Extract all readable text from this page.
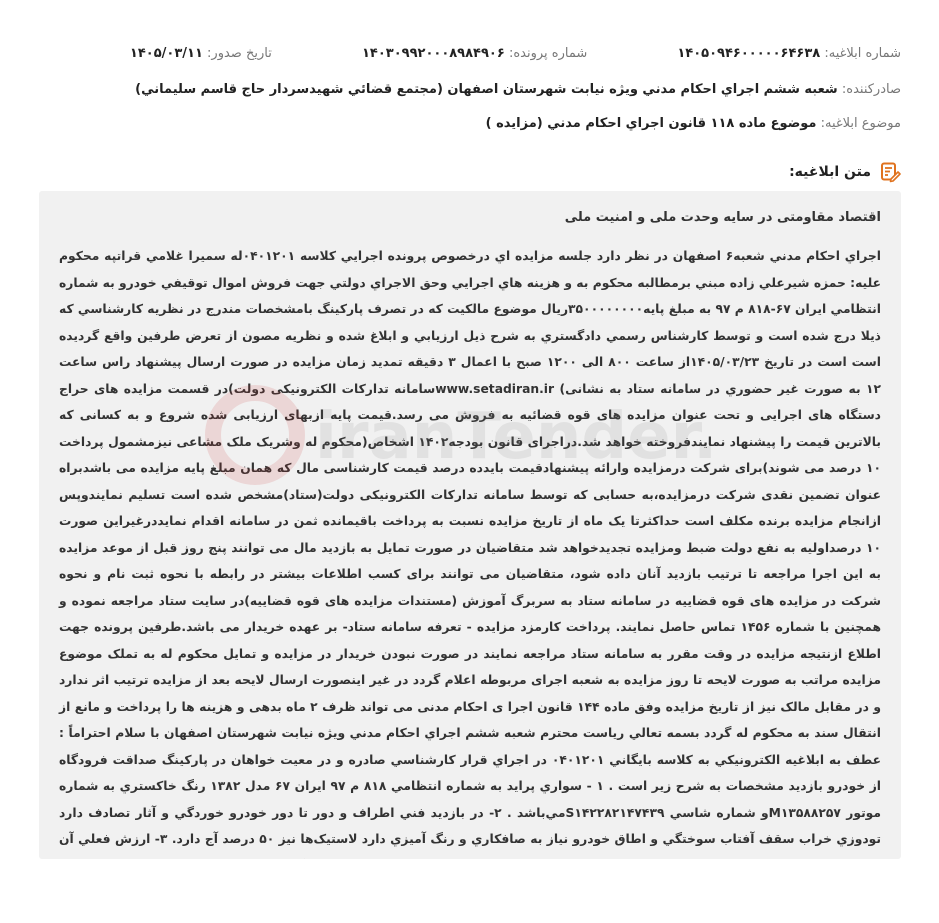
شماره ابلاغيه: ۱۴۰۵۰۹۴۶۰۰۰۰۰۶۴۶۳۸ شماره پرونده: ۱۴۰۳۰۹۹۲۰۰۰۸۹۸۴۹۰۶ تاريخ صدور: ۱۴۰۵/۰۳/۱۱
صادرکننده: شعبه ششم اجراي احکام مدني ويژه نيابت شهرستان اصفهان (مجتمع قضائي شهيدسردار حاج قاسم سليماني)
موضوع ابلاغيه: موضوع ماده ۱۱۸ قانون اجراي احکام مدني (مزايده )
متن ابلاغيه:

اقتصاد مقاومتی در سایه وحدت ملی و امنیت ملی

اجراي احکام مدني شعبه۶ اصفهان در نظر دارد جلسه مزايده اي درخصوص پرونده اجرايي کلاسه ۰۴۰۱۲۰۱له سميرا غلامي قراتپه محکوم عليه: حمزه شيرعلي زاده مبني برمطالبه محکوم به و هزينه هاي اجرايي وحق الاجراي دولتي جهت فروش اموال توقيفي خودرو به شماره انتظامي ايران ۶۷-۸۱۸ م ۹۷ به مبلغ پايه۳۵۰۰۰۰۰۰۰۰ريال موضوع مالکيت که در تصرف پارکينگ بامشخصات مندرج در نظريه کارشناسي که ذيلا درج شده است و توسط کارشناس رسمي دادگستري به شرح ذيل ارزيابي و ابلاغ شده و نظريه مصون از تعرض طرفين واقع گرديده است است در تاريخ ۱۴۰۵/۰۳/۲۳از ساعت ۸۰۰ الی ۱۲۰۰ صبح با اعمال ۳ دقيقه تمديد زمان مزايده در صورت ارسال پيشنهاد راس ساعت ۱۲ به صورت غير حضوري در سامانه ستاد به نشانی) www.setadiran.irسامانه تدارکات الکترونيکی دولت)در قسمت مزايده های حراج دستگاه های اجرايی و تحت عنوان مزايده های قوه قضائيه به فروش می رسد.قيمت پايه ازبهای ارزيابی شده شروع و به کسانی که بالاترين قيمت را پيشنهاد نمايندفروخته خواهد شد.دراجرای قانون بودجه۱۴۰۲ اشخاص(محکوم له وشريک ملک مشاعی نيزمشمول پرداخت ۱۰ درصد می شوند)برای شرکت درمزايده وارائه پيشنهادقيمت بايدده درصد قيمت کارشناسی مال که همان مبلغ پايه مزايده می باشدبراه عنوان تضمين نقدی شرکت درمزايده،به حسابی که توسط سامانه تدارکات الکترونيکی دولت(ستاد)مشخص شده است تسليم نمايندوپس ازانجام مزايده برنده مکلف است حداکثرتا يک ماه از تاريخ مزايده نسبت به پرداخت باقيمانده ثمن در سامانه اقدام نمايددرغيراين صورت ۱۰ درصداوليه به نفع دولت ضبط ومزايده تجديدخواهد شد متقاضيان در صورت تمايل به بازديد مال می توانند پنج روز قبل از موعد مزايده به اين اجرا مراجعه تا ترتيب بازديد آنان داده شود، متقاضيان می توانند برای کسب اطلاعات بيشتر در رابطه با نحوه ثبت نام و نحوه شرکت در مزايده های قوه قضاييه در سامانه ستاد به سربرگ آموزش (مستندات مزايده های قوه قضاييه)در سايت ستاد مراجعه نموده و همچنين با شماره ۱۴۵۶ تماس حاصل نمايند. پرداخت کارمزد مزايده - تعرفه سامانه ستاد- بر عهده خريدار می باشد.طرفين پرونده جهت اطلاع ازنتيجه مزايده در وقت مقرر به سامانه ستاد مراجعه نمايند در صورت نبودن خريدار در مزايده و تمايل محکوم له به تملک موضوع مزايده مراتب به صورت لايحه تا روز مزايده به شعبه اجرای مربوطه اعلام گردد در غير اينصورت ارسال لايحه بعد از مزايده ترتيب اثر ندارد و در مقابل مالک نيز از تاريخ مزايده وفق ماده ۱۴۴ قانون اجرا ی احکام مدنی می تواند ظرف ۲ ماه بدهی و هزينه ها را پرداخت و مانع از انتقال سند به محکوم له گردد بسمه تعالي رياست محترم شعبه ششم اجراي احکام مدني ويژه نيابت شهرستان اصفهان با سلام احتراماً : عطف به ابلاغيه الکترونيکي به کلاسه بايگاني ۰۴۰۱۲۰۱ در اجراي قرار کارشناسي صادره و در معيت خواهان در پارکينگ صداقت فرودگاه از خودرو بازديد مشخصات به شرح زير است . ۱ - سواري پرايد به شماره انتظامي ۸۱۸ م ۹۷ ايران ۶۷ مدل ۱۳۸۲ رنگ خاکستري به شماره موتور M۱۳۵۸۸۲۵۷و شماره شاسي S۱۴۲۲۸۲۱۴۷۴۳۹مي‌باشد . ۲- در بازديد فني اطراف و دور تا دور خودرو خوردگي و آثار تصادف دارد تودوزي خراب سقف آفتاب سوختگي و اطاق خودرو نياز به صافکاري و رنگ آميزي دارد لاستيک‌ها نيز ۵۰ درصد آج دارد. ۳- ارزش فعلي آن
